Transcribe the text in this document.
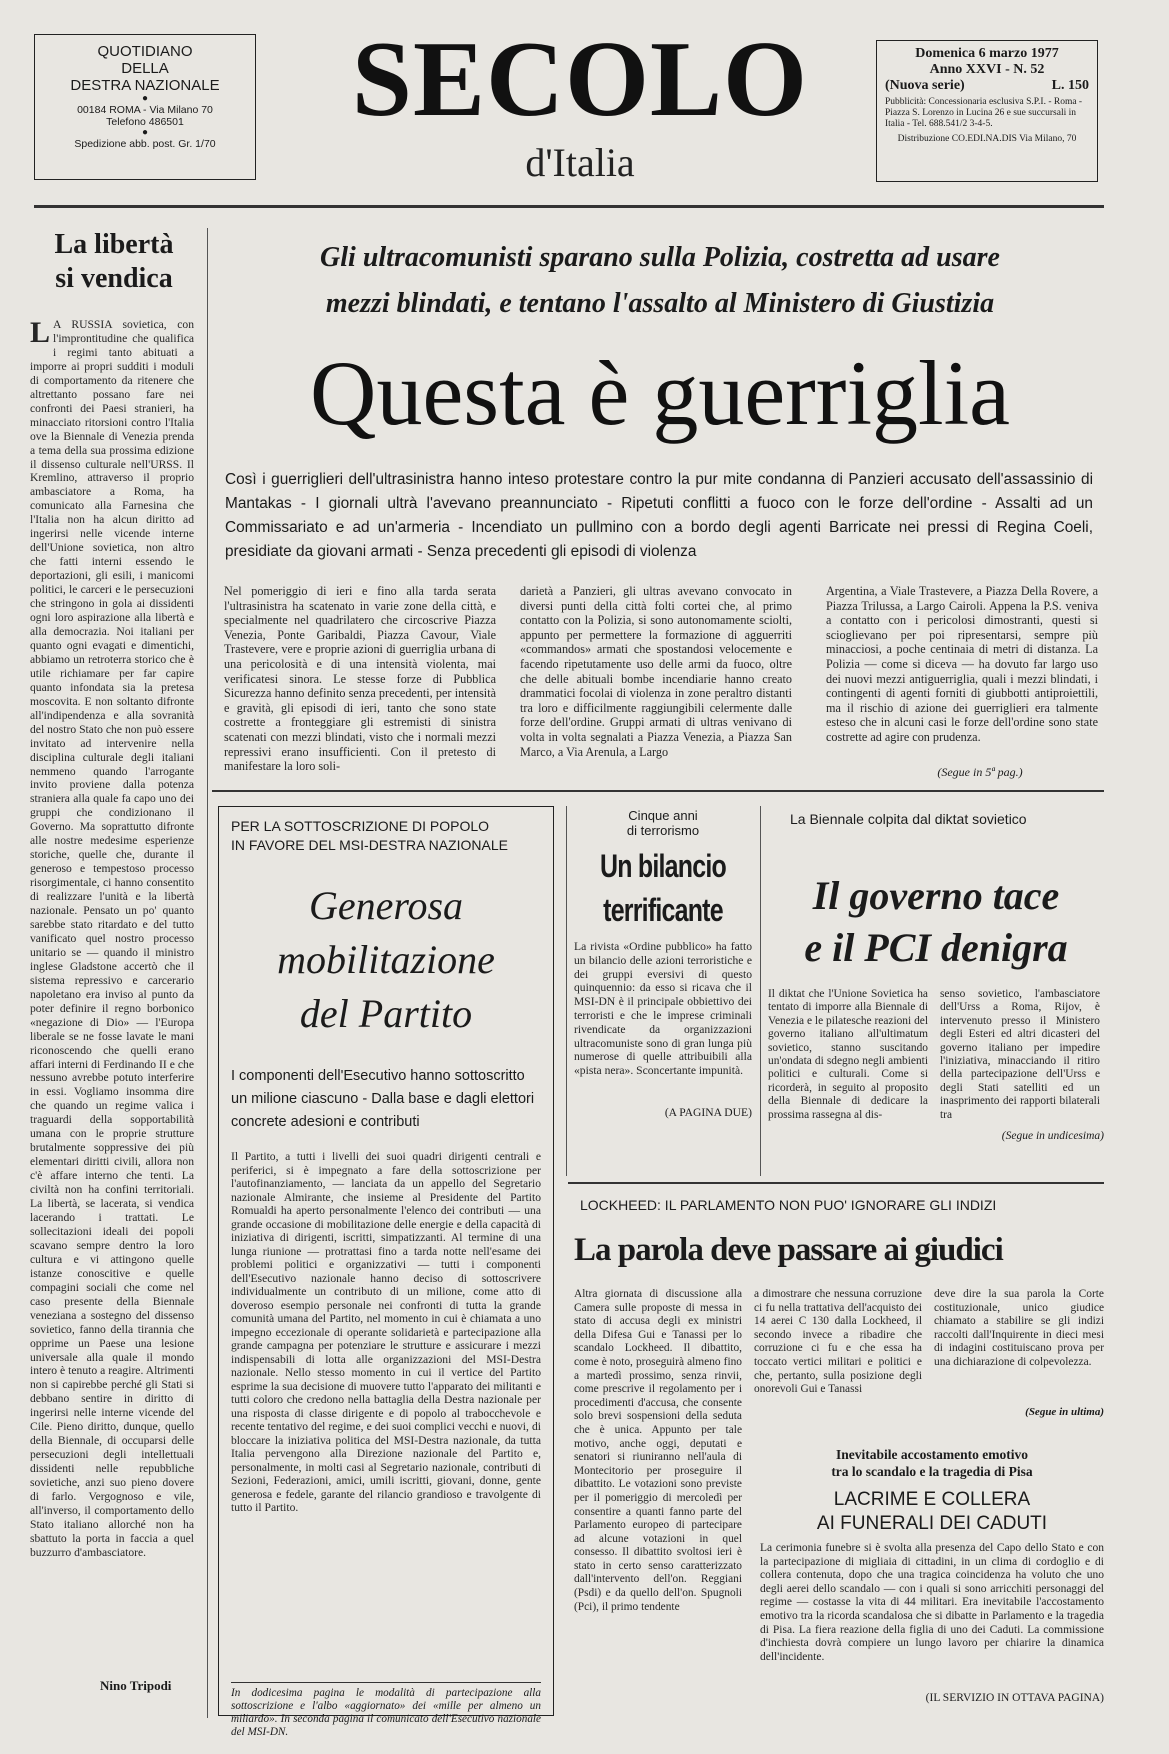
QUOTIDIANO
DELLA
DESTRA NAZIONALE
●
00184 ROMA - Via Milano 70
Telefono 486501
●
Spedizione abb. post. Gr. 1/70
SECOLO
d'Italia
Domenica 6 marzo 1977
Anno XXVI - N. 52
(Nuova serie)	L. 150
Pubblicità: Concessionaria esclusiva S.P.I. - Roma - Piazza S. Lorenzo in Lucina 26 e sue succursali in Italia - Tel. 688.541/2 3-4-5.
Distribuzione CO.EDI.NA.DIS Via Milano, 70
La libertà
si vendica
L A RUSSIA sovietica, con l'improntitudine che qualifica i regimi tanto abituati a imporre ai propri sudditi i moduli di comportamento da ritenere che altrettanto possano fare nei confronti dei Paesi stranieri, ha minacciato ritorsioni contro l'Italia ove la Biennale di Venezia prenda a tema della sua prossima edizione il dissenso culturale nell'URSS. Il Kremlino, attraverso il proprio ambasciatore a Roma, ha comunicato alla Farnesina che l'Italia non ha alcun diritto ad ingerirsi nelle vicende interne dell'Unione sovietica, non altro che fatti interni essendo le deportazioni, gli esili, i manicomi politici, le carceri e le persecuzioni che stringono in gola ai dissidenti ogni loro aspirazione alla libertà e alla democrazia. Noi italiani per quanto ogni evagati e dimentichi, abbiamo un retroterra storico che è utile richiamare per far capire quanto infondata sia la pretesa moscovita. E non soltanto difronte all'indipendenza e alla sovranità del nostro Stato che non può essere invitato ad intervenire nella disciplina culturale degli italiani nemmeno quando l'arrogante invito proviene dalla potenza straniera alla quale fa capo uno dei gruppi che condizionano il Governo. Ma soprattutto difronte alle nostre medesime esperienze storiche, quelle che, durante il generoso e tempestoso processo risorgimentale, ci hanno consentito di realizzare l'unità e la libertà nazionale. Pensato un po' quanto sarebbe stato ritardato e del tutto vanificato quel nostro processo unitario se — quando il ministro inglese Gladstone accertò che il sistema repressivo e carcerario napoletano era inviso al punto da poter definire il regno borbonico «negazione di Dio» — l'Europa liberale se ne fosse lavate le mani riconoscendo che quelli erano affari interni di Ferdinando II e che nessuno avrebbe potuto interferire in essi. Vogliamo insomma dire che quando un regime valica i traguardi della sopportabilità umana con le proprie strutture brutalmente soppressive dei più elementari diritti civili, allora non c'è affare interno che tenti. La civiltà non ha confini territoriali. La libertà, se lacerata, si vendica lacerando i trattati. Le sollecitazioni ideali dei popoli scavano sempre dentro la loro cultura e vi attingono quelle istanze conoscitive e quelle compagini sociali che come nel caso presente della Biennale veneziana a sostegno del dissenso sovietico, fanno della tirannia che opprime un Paese una lesione universale alla quale il mondo intero è tenuto a reagire. Altrimenti non si capirebbe perché gli Stati si debbano sentire in diritto di ingerirsi nelle interne vicende del Cile. Pieno diritto, dunque, quello della Biennale, di occuparsi delle persecuzioni degli intellettuali dissidenti nelle repubbliche sovietiche, anzi suo pieno dovere di farlo. Vergognoso e vile, all'inverso, il comportamento dello Stato italiano allorché non ha sbattuto la porta in faccia a quel buzzurro d'ambasciatore.
Nino Tripodi
Gli ultracomunisti sparano sulla Polizia, costretta ad usare
mezzi blindati, e tentano l'assalto al Ministero di Giustizia
Questa è guerriglia
Così i guerriglieri dell'ultrasinistra hanno inteso protestare contro la pur mite condanna di Panzieri accusato dell'assassinio di Mantakas - I giornali ultrà l'avevano preannunciato - Ripetuti conflitti a fuoco con le forze dell'ordine - Assalti ad un Commissariato e ad un'armeria - Incendiato un pullmino con a bordo degli agenti Barricate nei pressi di Regina Coeli, presidiate da giovani armati - Senza precedenti gli episodi di violenza
Nel pomeriggio di ieri e fino alla tarda serata l'ultrasinistra ha scatenato in varie zone della città, e specialmente nel quadrilatero che circoscrive Piazza Venezia, Ponte Garibaldi, Piazza Cavour, Viale Trastevere, vere e proprie azioni di guerriglia urbana di una pericolosità e di una intensità violenta, mai verificatesi sinora. Le stesse forze di Pubblica Sicurezza hanno definito senza precedenti, per intensità e gravità, gli episodi di ieri, tanto che sono state costrette a fronteggiare gli estremisti di sinistra scatenati con mezzi blindati, visto che i normali mezzi repressivi erano insufficienti. Con il pretesto di manifestare la loro soli-
darietà a Panzieri, gli ultras avevano convocato in diversi punti della città folti cortei che, al primo contatto con la Polizia, si sono autonomamente sciolti, appunto per permettere la formazione di agguerriti «commandos» armati che spostandosi velocemente e facendo ripetutamente uso delle armi da fuoco, oltre che delle abituali bombe incendiarie hanno creato drammatici focolai di violenza in zone peraltro distanti tra loro e difficilmente raggiungibili celermente dalle forze dell'ordine. Gruppi armati di ultras venivano di volta in volta segnalati a Piazza Venezia, a Piazza San Marco, a Via Arenula, a Largo
Argentina, a Viale Trastevere, a Piazza Della Rovere, a Piazza Trilussa, a Largo Cairoli. Appena la P.S. veniva a contatto con i pericolosi dimostranti, questi si scioglievano per poi ripresentarsi, sempre più minacciosi, a poche centinaia di metri di distanza. La Polizia — come si diceva — ha dovuto far largo uso dei nuovi mezzi antiguerriglia, quali i mezzi blindati, i contingenti di agenti forniti di giubbotti antiproiettili, ma il rischio di azione dei guerriglieri era talmente esteso che in alcuni casi le forze dell'ordine sono state costrette ad agire con prudenza.
(Segue in 5ª pag.)
PER LA SOTTOSCRIZIONE DI POPOLO
IN FAVORE DEL MSI-DESTRA NAZIONALE
Generosa
mobilitazione
del Partito
I componenti dell'Esecutivo hanno sottoscritto un milione ciascuno - Dalla base e dagli elettori concrete adesioni e contributi
Il Partito, a tutti i livelli dei suoi quadri dirigenti centrali e periferici, si è impegnato a fare della sottoscrizione per l'autofinanziamento, — lanciata da un appello del Segretario nazionale Almirante, che insieme al Presidente del Partito Romualdi ha aperto personalmente l'elenco dei contributi — una grande occasione di mobilitazione delle energie e della capacità di iniziativa di dirigenti, iscritti, simpatizzanti. Al termine di una lunga riunione — protrattasi fino a tarda notte nell'esame dei problemi politici e organizzativi — tutti i componenti dell'Esecutivo nazionale hanno deciso di sottoscrivere individualmente un contributo di un milione, come atto di doveroso esempio personale nei confronti di tutta la grande comunità umana del Partito, nel momento in cui è chiamata a uno impegno eccezionale di operante solidarietà e partecipazione alla grande campagna per potenziare le strutture e assicurare i mezzi indispensabili di lotta alle organizzazioni del MSI-Destra nazionale. Nello stesso momento in cui il vertice del Partito esprime la sua decisione di muovere tutto l'apparato dei militanti e tutti coloro che credono nella battaglia della Destra nazionale per una risposta di classe dirigente e di popolo al trabocchevole e recente tentativo del regime, e dei suoi complici vecchi e nuovi, di bloccare la iniziativa politica del MSI-Destra nazionale, da tutta Italia pervengono alla Direzione nazionale del Partito e, personalmente, in molti casi al Segretario nazionale, contributi di Sezioni, Federazioni, amici, umili iscritti, giovani, donne, gente generosa e fedele, garante del rilancio grandioso e travolgente di tutto il Partito.
In dodicesima pagina le modalità di partecipazione alla sottoscrizione e l'albo «aggiornato» dei «mille per almeno un miliardo». In seconda pagina il comunicato dell'Esecutivo nazionale del MSI-DN.
Cinque anni
di terrorismo
Un bilancio
terrificante
La rivista «Ordine pubblico» ha fatto un bilancio delle azioni terroristiche e dei gruppi eversivi di questo quinquennio: da esso si ricava che il MSI-DN è il principale obbiettivo dei terroristi e che le imprese criminali rivendicate da organizzazioni ultracomuniste sono di gran lunga più numerose di quelle attribuibili alla «pista nera». Sconcertante impunità.
(A PAGINA DUE)
La Biennale colpita dal diktat sovietico
Il governo tace
e il PCI denigra
Il diktat che l'Unione Sovietica ha tentato di imporre alla Biennale di Venezia e le pilatesche reazioni del governo italiano all'ultimatum sovietico, stanno suscitando un'ondata di sdegno negli ambienti politici e culturali. Come si ricorderà, in seguito al proposito della Biennale di dedicare la prossima rassegna al dis-
senso sovietico, l'ambasciatore dell'Urss a Roma, Rijov, è intervenuto presso il Ministero degli Esteri ed altri dicasteri del governo italiano per impedire l'iniziativa, minacciando il ritiro della partecipazione dell'Urss e degli Stati satelliti ed un inasprimento dei rapporti bilaterali tra
(Segue in undicesima)
LOCKHEED: IL PARLAMENTO NON PUO' IGNORARE GLI INDIZI
La parola deve passare ai giudici
Altra giornata di discussione alla Camera sulle proposte di messa in stato di accusa degli ex ministri della Difesa Gui e Tanassi per lo scandalo Lockheed. Il dibattito, come è noto, proseguirà almeno fino a martedì prossimo, senza rinvii, come prescrive il regolamento per i procedimenti d'accusa, che consente solo brevi sospensioni della seduta che è unica. Appunto per tale motivo, anche oggi, deputati e senatori si riuniranno nell'aula di Montecitorio per proseguire il dibattito. Le votazioni sono previste per il pomeriggio di mercoledì per consentire a quanti fanno parte del Parlamento europeo di partecipare ad alcune votazioni in quel consesso. Il dibattito svoltosi ieri è stato in certo senso caratterizzato dall'intervento dell'on. Reggiani (Psdi) e da quello dell'on. Spugnoli (Pci), il primo tendente
a dimostrare che nessuna corruzione ci fu nella trattativa dell'acquisto dei 14 aerei C 130 dalla Lockheed, il secondo invece a ribadire che corruzione ci fu e che essa ha toccato vertici militari e politici e che, pertanto, sulla posizione degli onorevoli Gui e Tanassi
deve dire la sua parola la Corte costituzionale, unico giudice chiamato a stabilire se gli indizi raccolti dall'Inquirente in dieci mesi di indagini costituiscano prova per una dichiarazione di colpevolezza.
(Segue in ultima)
Inevitabile accostamento emotivo
tra lo scandalo e la tragedia di Pisa
LACRIME E COLLERA
AI FUNERALI DEI CADUTI
La cerimonia funebre si è svolta alla presenza del Capo dello Stato e con la partecipazione di migliaia di cittadini, in un clima di cordoglio e di collera contenuta, dopo che una tragica coincidenza ha voluto che uno degli aerei dello scandalo — con i quali si sono arricchiti personaggi del regime — costasse la vita di 44 militari. Era inevitabile l'accostamento emotivo tra la ricorda scandalosa che si dibatte in Parlamento e la tragedia di Pisa. La fiera reazione della figlia di uno dei Caduti. La commissione d'inchiesta dovrà compiere un lungo lavoro per chiarire la dinamica dell'incidente.
(IL SERVIZIO IN OTTAVA PAGINA)
